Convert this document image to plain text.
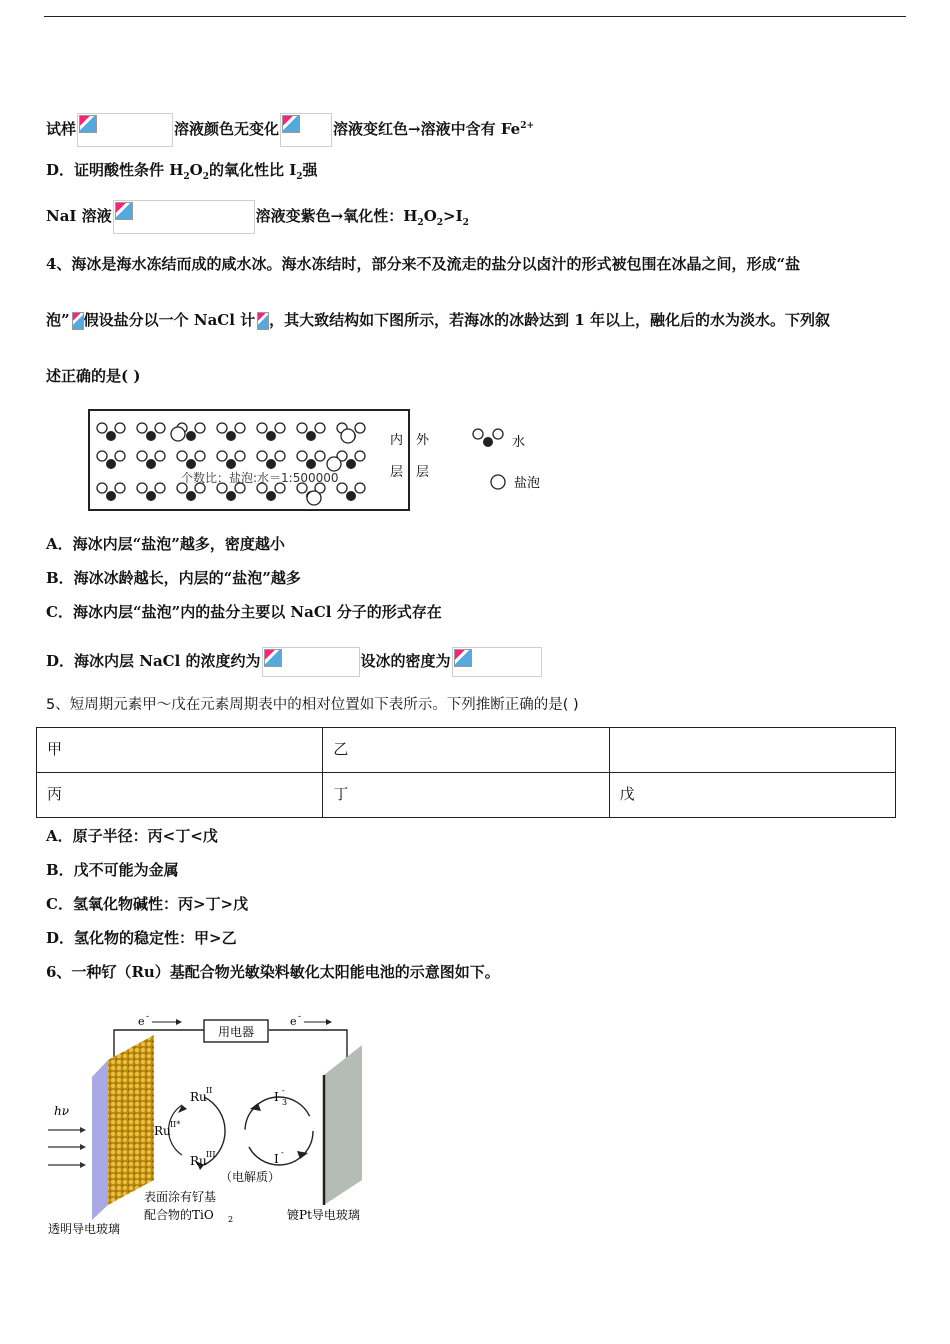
试样	溶液颜色无变化	溶液变红色→溶液中含有 $Fe^{2+}$
D．证明酸性条件 $H_2O_2$的氧化性比 $I_2$强
NaI 溶液	溶液变紫色→氧化性：$H_2O_2>I_2$
4、海冰是海水冻结而成的咸水冰。海水冻结时，部分来不及流走的盐分以卤汁的形式被包围在冰晶之间，形成“盐
泡” 假设盐分以一个 NaCl 计 ，其大致结构如下图所示，若海冰的冰龄达到 1 年以上，融化后的水为淡水。下列叙
述正确的是( )
个数比：盐泡:水＝1:500000
内
层
外
层
水
盐泡
A．海冰内层“盐泡”越多，密度越小
B．海冰冰龄越长，内层的“盐泡”越多
C．海冰内层“盐泡”内的盐分主要以 NaCl 分子的形式存在
D．海冰内层 NaCl 的浓度约为	设冰的密度为
5、短周期元素甲～戊在元素周期表中的相对位置如下表所示。下列推断正确的是( )
甲	乙	
丙	丁	戊
A．原子半径：丙<丁<戊
B．戊不可能为金属
C．氢氧化物碱性：丙>丁>戊
D．氢化物的稳定性：甲>乙
6、一种钌（Ru）基配合物光敏染料敏化太阳能电池的示意图如下。
用电器
e -	e -
hν
Ru II
Ru II*
Ru III
I 3
-
I -
（电解质）
表面涂有钌基
配合物的TiO 2
透明导电玻璃
镀Pt导电玻璃
